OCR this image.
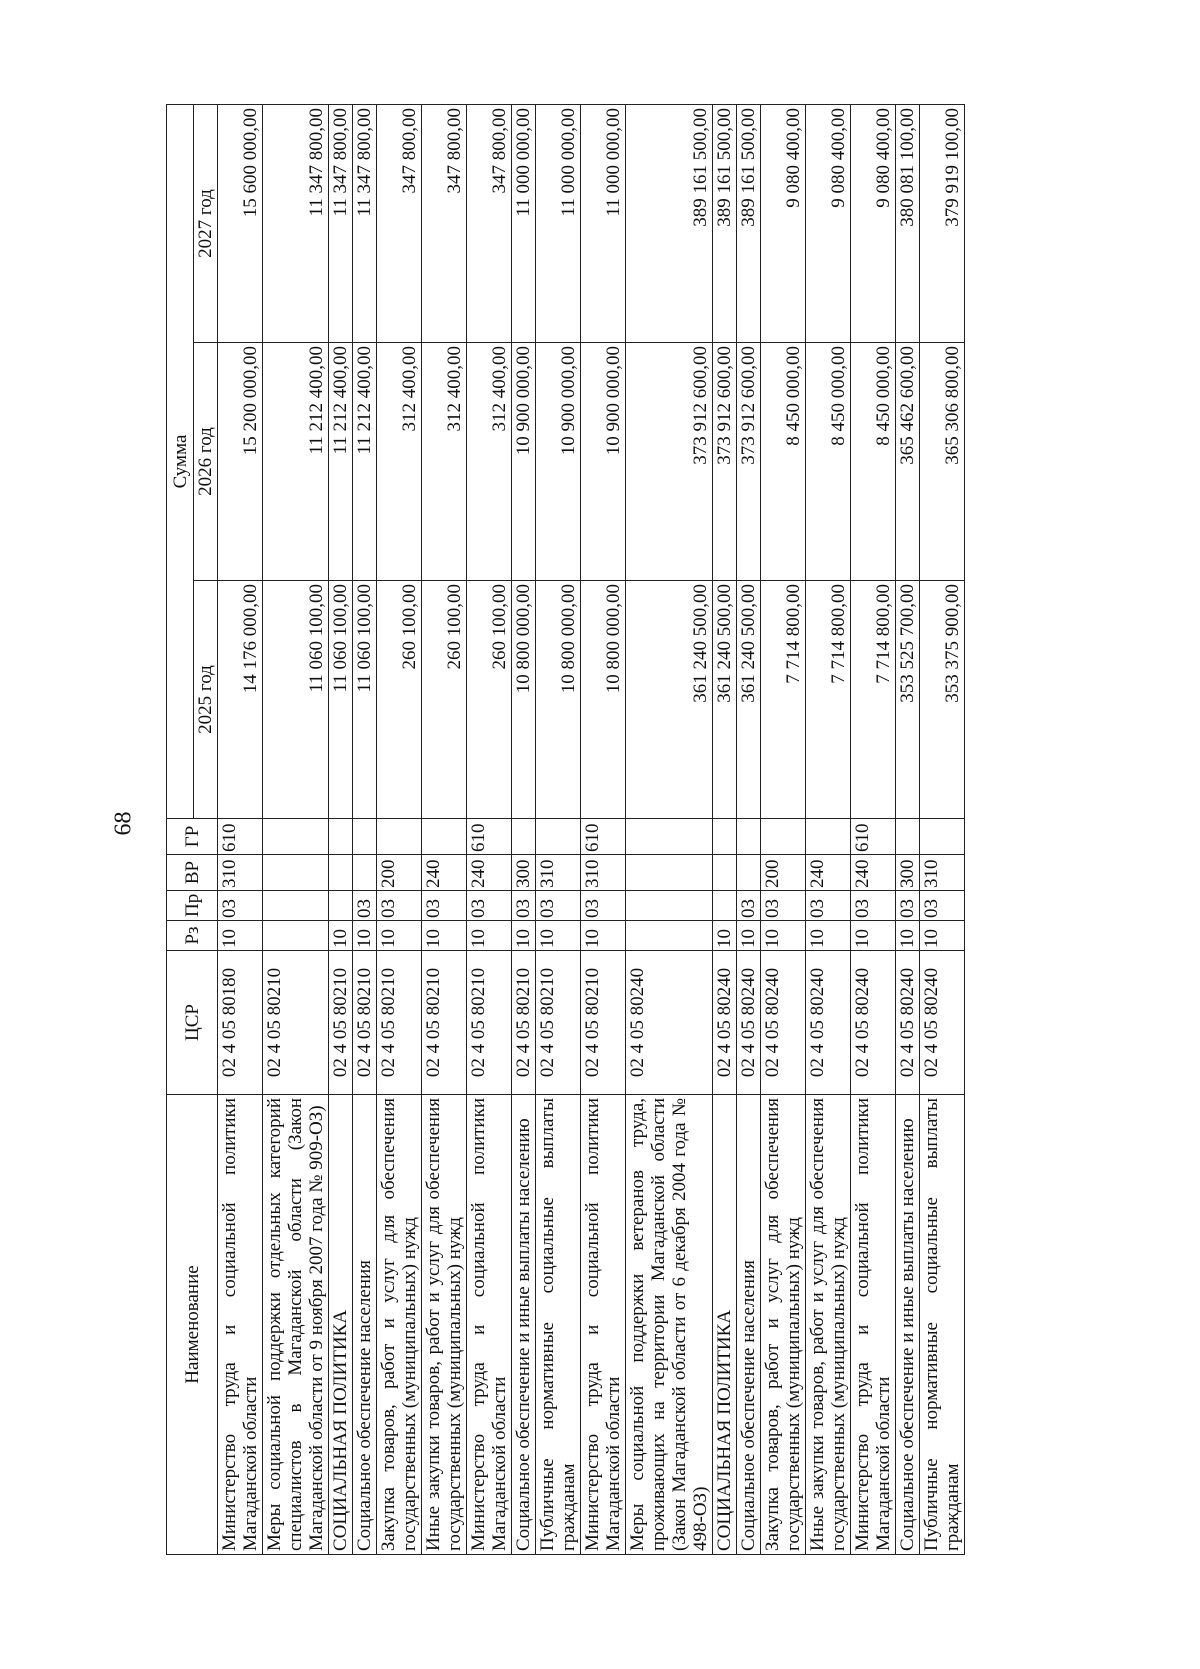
68
Наименование	ЦСР	Рз	Пр	ВР	ГР	Сумма		
						2025 год	2026 год	2027 год
Министерство труда и социальной политики Магаданской области	02 4 05 80180	10	03	310	610	14 176 000,00	15 200 000,00	15 600 000,00
Меры социальной поддержки отдельных категорий специалистов в Магаданской области (Закон Магаданской области от 9 ноября 2007 года № 909-ОЗ)	02 4 05 80210					11 060 100,00	11 212 400,00	11 347 800,00
СОЦИАЛЬНАЯ ПОЛИТИКА	02 4 05 80210	10				11 060 100,00	11 212 400,00	11 347 800,00
Социальное обеспечение населения	02 4 05 80210	10	03			11 060 100,00	11 212 400,00	11 347 800,00
Закупка товаров, работ и услуг для обеспечения государственных (муниципальных) нужд	02 4 05 80210	10	03	200		260 100,00	312 400,00	347 800,00
Иные закупки товаров, работ и услуг для обеспечения государственных (муниципальных) нужд	02 4 05 80210	10	03	240		260 100,00	312 400,00	347 800,00
Министерство труда и социальной политики Магаданской области	02 4 05 80210	10	03	240	610	260 100,00	312 400,00	347 800,00
Социальное обеспечение и иные выплаты населению	02 4 05 80210	10	03	300		10 800 000,00	10 900 000,00	11 000 000,00
Публичные нормативные социальные выплаты гражданам	02 4 05 80210	10	03	310		10 800 000,00	10 900 000,00	11 000 000,00
Министерство труда и социальной политики Магаданской области	02 4 05 80210	10	03	310	610	10 800 000,00	10 900 000,00	11 000 000,00
Меры социальной поддержки ветеранов труда, проживающих на территории Магаданской области (Закон Магаданской области от 6 декабря 2004 года № 498-ОЗ)	02 4 05 80240					361 240 500,00	373 912 600,00	389 161 500,00
СОЦИАЛЬНАЯ ПОЛИТИКА	02 4 05 80240	10				361 240 500,00	373 912 600,00	389 161 500,00
Социальное обеспечение населения	02 4 05 80240	10	03			361 240 500,00	373 912 600,00	389 161 500,00
Закупка товаров, работ и услуг для обеспечения государственных (муниципальных) нужд	02 4 05 80240	10	03	200		7 714 800,00	8 450 000,00	9 080 400,00
Иные закупки товаров, работ и услуг для обеспечения государственных (муниципальных) нужд	02 4 05 80240	10	03	240		7 714 800,00	8 450 000,00	9 080 400,00
Министерство труда и социальной политики Магаданской области	02 4 05 80240	10	03	240	610	7 714 800,00	8 450 000,00	9 080 400,00
Социальное обеспечение и иные выплаты населению	02 4 05 80240	10	03	300		353 525 700,00	365 462 600,00	380 081 100,00
Публичные нормативные социальные выплаты гражданам	02 4 05 80240	10	03	310		353 375 900,00	365 306 800,00	379 919 100,00
